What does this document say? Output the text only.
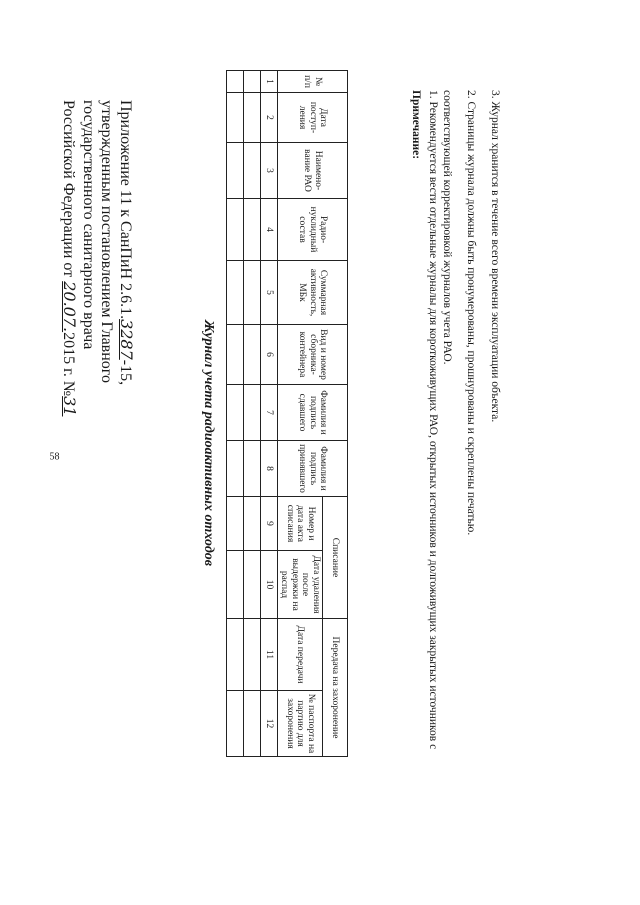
58
Приложение 11 к СанПиН 2.6.1.3287-15,
утвержденным постановлением Главного
государственного санитарного врача
Российской Федерации от 20.07.2015 г. №31	Журнал учета радиоактивных отходов
№ п/п	Дата поступ-ления	Наимено-вание РАО	Радио-нуклидный состав	Суммарная активность, МБк	Вид и номер сборника-контейнера	Фамилия и подпись сдавшего	Фамилия и подпись принявшего	Списание		Передача на захоронение	
								Номер и дата акта списания	Дата удаления после выдержки на распад	Дата передачи	№ паспорта на партию для захоронения
1	2	3	4	5	6	7	8	9	10	11	12

Примечание: 1. Рекомендуется вести отдельные журналы для короткоживущих РАО, открытых источников и долгоживущих закрытых источников с соответствующей корректировкой журналов учета РАО. 2. Страницы журнала должны быть пронумерованы, прошнурованы и скреплены печатью. 3. Журнал хранится в течение всего времени эксплуатации объекта.
